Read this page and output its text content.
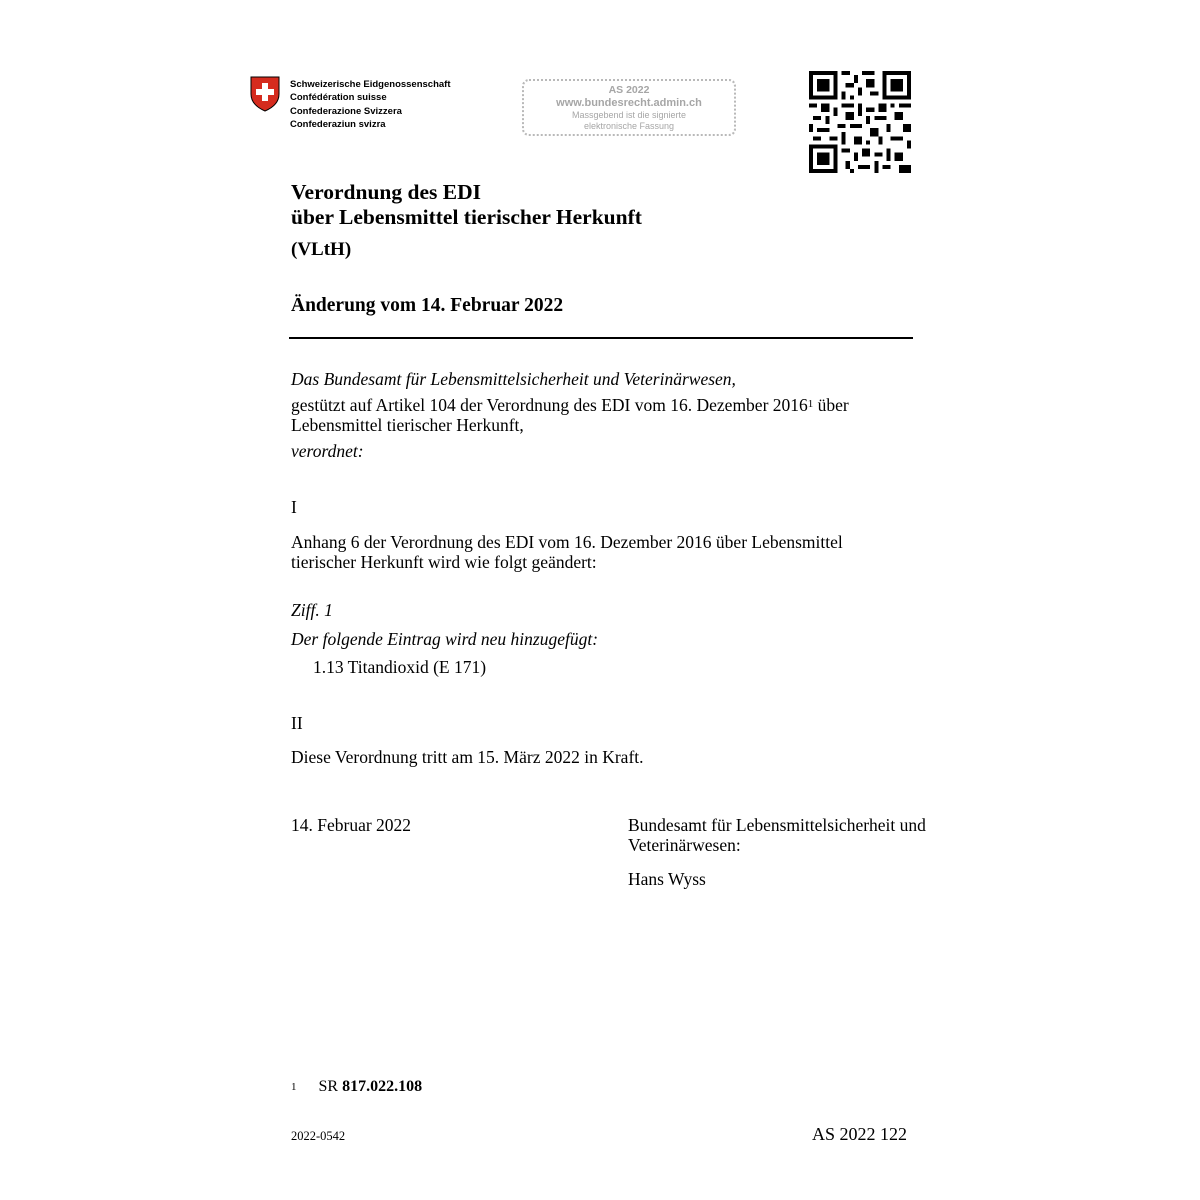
Schweizerische Eidgenossenschaft
Confédération suisse
Confederazione Svizzera
Confederaziun svizra
AS 2022
www.bundesrecht.admin.ch
Massgebend ist die signierte
elektronische Fassung
Verordnung des EDI
über Lebensmittel tierischer Herkunft
(VLtH)
Änderung vom 14. Februar 2022
Das Bundesamt für Lebensmittelsicherheit und Veterinärwesen,
gestützt auf Artikel 104 der Verordnung des EDI vom 16. Dezember 2016$^1$ über Lebensmittel tierischer Herkunft,
verordnet:
I
Anhang 6 der Verordnung des EDI vom 16. Dezember 2016 über Lebensmittel tierischer Herkunft wird wie folgt geändert:
Ziff. 1
Der folgende Eintrag wird neu hinzugefügt:
1.13 Titandioxid (E 171)
II
Diese Verordnung tritt am 15. März 2022 in Kraft.
14. Februar 2022	Bundesamt für Lebensmittelsicherheit und Veterinärwesen:
Hans Wyss
$^1$ SR 817.022.108
2022-0542	AS 2022 122
